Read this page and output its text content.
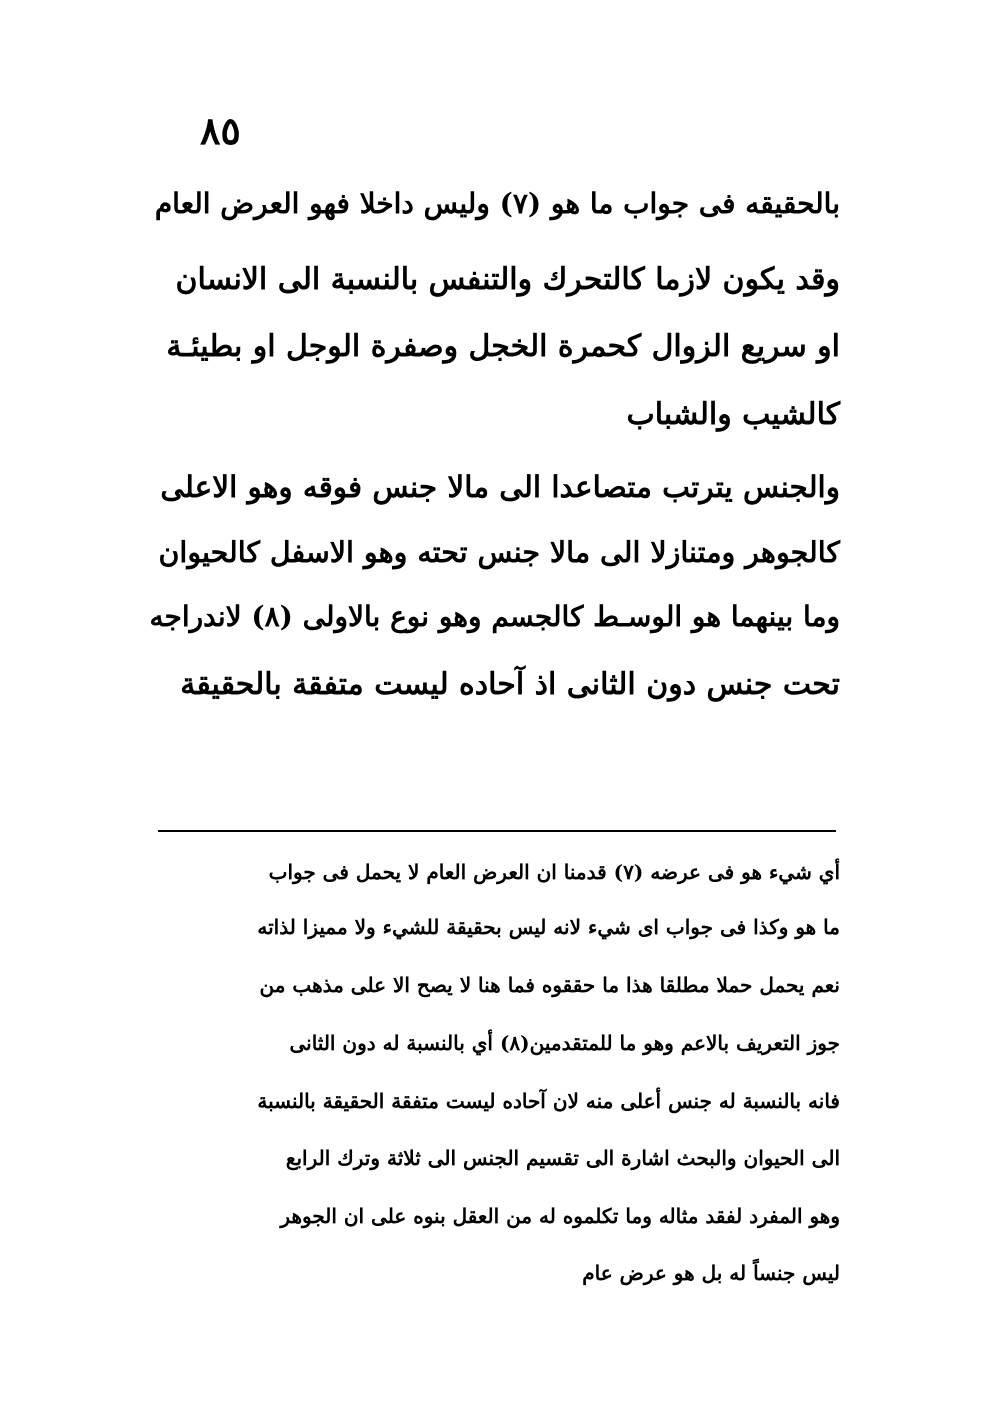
٨٥
بالحقيقه فى جواب ما هو (٧) وليس داخلا فهو العرض العام
وقد يكون لازما كالتحرك والتنفس بالنسبة الى الانسان
او سريع الزوال كحمرة الخجل وصفرة الوجل او بطيئـة
كالشيب والشباب
والجنس يترتب متصاعدا الى مالا جنس فوقه وهو الاعلى
كالجوهر ومتنازلا الى مالا جنس تحته وهو الاسفل كالحيوان
وما بينهما هو الوسـط كالجسم وهو نوع بالاولى (٨) لاندراجه
تحت جنس دون الثانى اذ آحاده ليست متفقة بالحقيقة
أي شيء هو فى عرضه (٧) قدمنا ان العرض العام لا يحمل فى جواب
ما هو وكذا فى جواب اى شيء لانه ليس بحقيقة للشيء ولا مميزا لذاته
نعم يحمل حملا مطلقا هذا ما حققوه فما هنا لا يصح الا على مذهب من
جوز التعريف بالاعم وهو ما للمتقدمين(٨) أي بالنسبة له دون الثانى
فانه بالنسبة له جنس أعلى منه لان آحاده ليست متفقة الحقيقة بالنسبة
الى الحيوان والبحث اشارة الى تقسيم الجنس الى ثلاثة وترك الرابع
وهو المفرد لفقد مثاله وما تكلموه له من العقل بنوه على ان الجوهر
ليس جنساً له بل هو عرض عام
